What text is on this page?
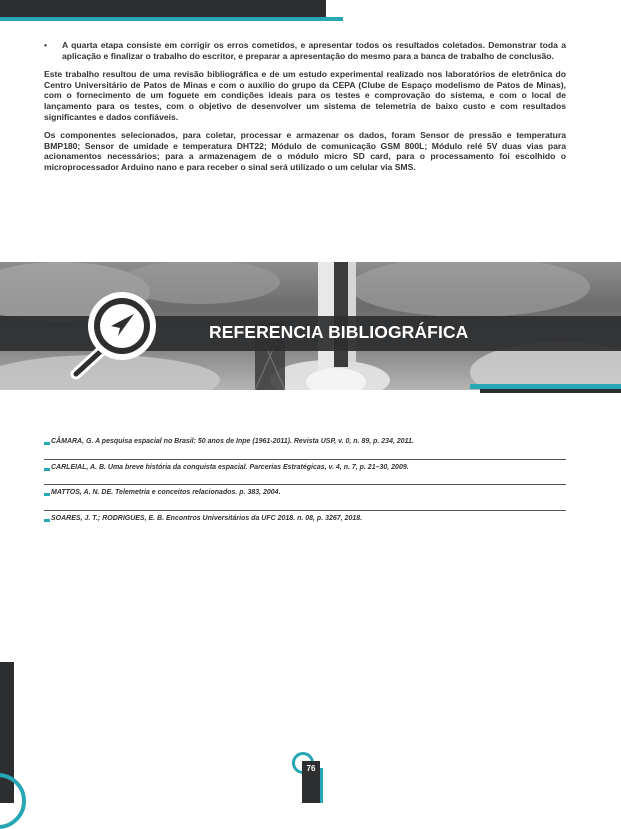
•	A quarta etapa consiste em corrigir os erros cometidos, e apresentar todos os resultados coletados. Demonstrar toda a aplicação e finalizar o trabalho do escritor, e preparar a apresentação do mesmo para a banca de trabalho de conclusão.

Este trabalho resultou de uma revisão bibliográfica e de um estudo experimental realizado nos laboratórios de eletrônica do Centro Universitário de Patos de Minas e com o auxílio do grupo da CEPA (Clube de Espaço modelismo de Patos de Minas), com o fornecimento de um foguete em condições ideais para os testes e comprovação do sistema, e com o local de lançamento para os testes, com o objetivo de desenvolver um sistema de telemetria de baixo custo e com resultados significantes e dados confiáveis.

Os componentes selecionados, para coletar, processar e armazenar os dados, foram Sensor de pressão e temperatura BMP180; Sensor de umidade e temperatura DHT22; Módulo de comunicação GSM 800L; Módulo relé 5V duas vias para acionamentos necessários; para a armazenagem de o módulo micro SD card, para o processamento foi escolhido o microprocessador Arduino nano e para receber o sinal será utilizado o um celular via SMS.

REFERENCIA BIBLIOGRÁFICA
CÂMARA, G. A pesquisa espacial no Brasil: 50 anos de Inpe (1961-2011). Revista USP, v. 0, n. 89, p. 234, 2011.
CARLEIAL, A. B. Uma breve história da conquista espacial. Parcerias Estratégicas, v. 4, n. 7, p. 21–30, 2009.
MATTOS, A. N. DE. Telemetria e conceitos relacionados. p. 383, 2004.
SOARES, J. T.; RODRIGUES, E. B. Encontros Universitários da UFC 2018. n. 08, p. 3267, 2018.
76
